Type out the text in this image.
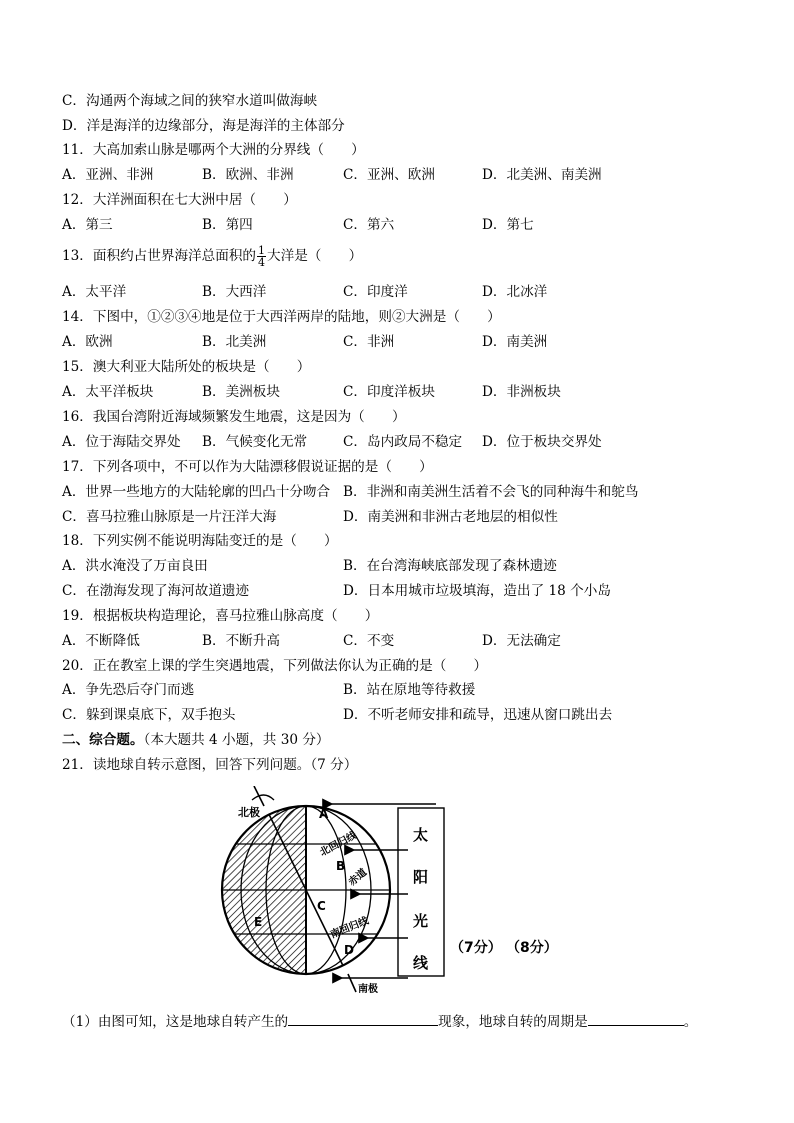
C．沟通两个海域之间的狭窄水道叫做海峡
D．洋是海洋的边缘部分，海是海洋的主体部分
11．大高加索山脉是哪两个大洲的分界线（　　）
A．亚洲、非洲	B．欧洲、非洲	C．亚洲、欧洲	D．北美洲、南美洲
12．大洋洲面积在七大洲中居（　　）
A．第三	B．第四	C．第六	D．第七
13．面积约占世界海洋总面积的 $\frac{1}{4}$ 大洋是（　　）
A．太平洋	B．大西洋	C．印度洋	D．北冰洋
14．下图中，①②③④地是位于大西洋两岸的陆地，则②大洲是（　　）
A．欧洲	B．北美洲	C．非洲	D．南美洲
15．澳大利亚大陆所处的板块是（　　）
A．太平洋板块	B．美洲板块	C．印度洋板块	D．非洲板块
16．我国台湾附近海域频繁发生地震，这是因为（　　）
A．位于海陆交界处 B．气候变化无常	C．岛内政局不稳定 D．位于板块交界处
17．下列各项中，不可以作为大陆漂移假说证据的是（　　）
A．世界一些地方的大陆轮廓的凹凸十分吻合 B．非洲和南美洲生活着不会飞的同种海牛和鸵鸟
C．喜马拉雅山脉原是一片汪洋大海	D．南美洲和非洲古老地层的相似性
18．下列实例不能说明海陆变迁的是（　　）
A．洪水淹没了万亩良田	B．在台湾海峡底部发现了森林遗迹
C．在渤海发现了海河故道遗迹	D．日本用城市垃圾填海，造出了 18 个小岛
19．根据板块构造理论，喜马拉雅山脉高度（　　）
A．不断降低	B．不断升高	C．不变	D．无法确定
20．正在教室上课的学生突遇地震，下列做法你认为正确的是（　　）
A．争先恐后夺门而逃	B．站在原地等待救援
C．躲到课桌底下，双手抱头	D．不听老师安排和疏导，迅速从窗口跳出去
二、综合题。（本大题共 4 小题，共 30 分）
21．读地球自转示意图，回答下列问题。（7 分）
北极
南极
北回归线
赤道
南回归线
A
B
C
D
E
太
阳
光
线
（7分） （8分）
（1）由图可知，这是地球自转产生的	现象，地球自转的周期是	。
